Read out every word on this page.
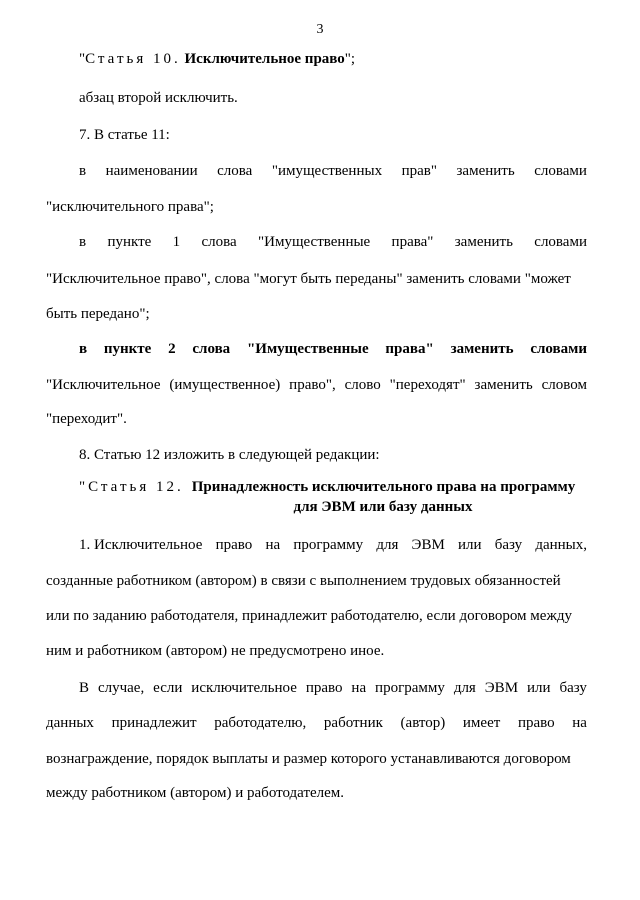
3
"Статья 10. Исключительное право";
абзац второй исключить.
7. В статье 11:
в наименовании слова "имущественных прав" заменить словами
"исключительного права";
в пункте 1 слова "Имущественные права" заменить словами
"Исключительное право", слова "могут быть переданы" заменить словами "может
быть передано";
в пункте 2 слова "Имущественные права" заменить словами
"Исключительное (имущественное) право", слово "переходят" заменить словом
"переходит".
8. Статью 12 изложить в следующей редакции:
"Статья 12. Принадлежность исключительного права на программу
для ЭВМ или базу данных
1. Исключительное право на программу для ЭВМ или базу данных,
созданные работником (автором) в связи с выполнением трудовых обязанностей
или по заданию работодателя, принадлежит работодателю, если договором между
ним и работником (автором) не предусмотрено иное.
В случае, если исключительное право на программу для ЭВМ или базу
данных принадлежит работодателю, работник (автор) имеет право на
вознаграждение, порядок выплаты и размер которого устанавливаются договором
между работником (автором) и работодателем.
